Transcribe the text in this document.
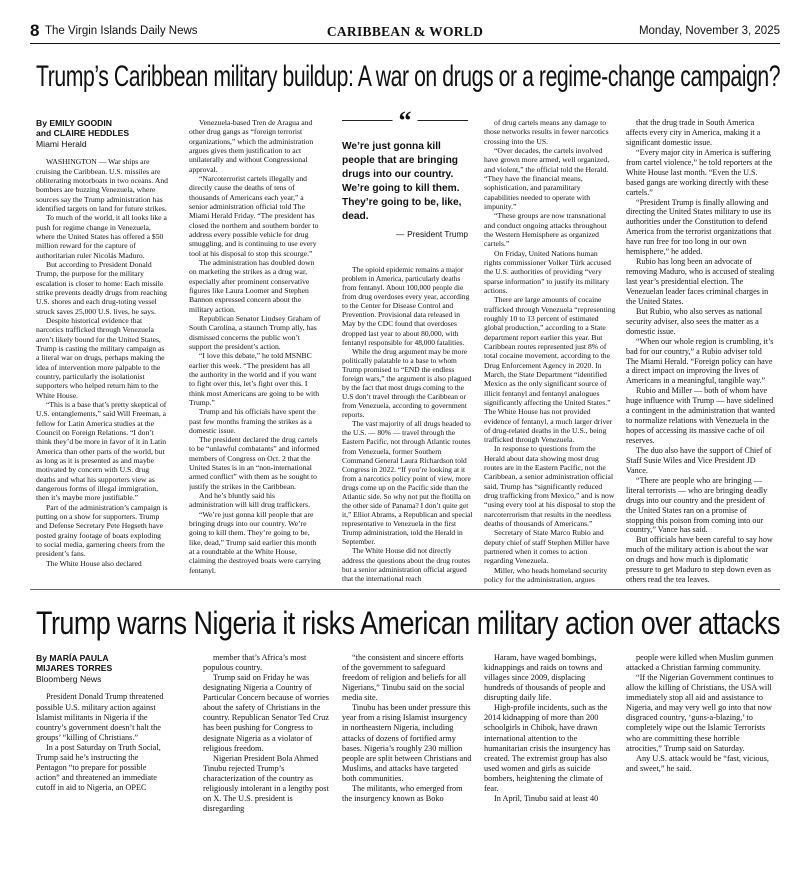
8 The Virgin Islands Daily News	CARIBBEAN & WORLD	Monday, November 3, 2025
Trump’s Caribbean military buildup: A war on drugs or a regime-change campaign?
By EMILY GOODIN
and CLAIRE HEDDLES
Miami Herald

WASHINGTON — War ships are cruising the Caribbean. U.S. missiles are obliterating motorboats in two oceans. And bombers are buzzing Venezuela, where sources say the Trump administration has identified targets on land for future strikes.

To much of the world, it all looks like a push for regime change in Venezuela, where the United States has offered a $50 million reward for the capture of authoritarian ruler Nicolás Maduro.

But according to President Donald Trump, the purpose for the military escalation is closer to home: Each missile strike prevents deadly drugs from reaching U.S. shores and each drug-toting vessel struck saves 25,000 U.S. lives, he says.

Despite historical evidence that narcotics trafficked through Venezuela aren’t likely bound for the United States, Trump is casting the military campaign as a literal war on drugs, perhaps making the idea of intervention more palpable to the country, particularly the isolationist supporters who helped return him to the White House.

“This is a base that’s pretty skeptical of U.S. entanglements,” said Will Freeman, a fellow for Latin America studies at the Council on Foreign Relations. “I don’t think they’d be more in favor of it in Latin America than other parts of the world, but as long as it is presented as and maybe motivated by concern with U.S. drug deaths and what his supporters view as dangerous forms of illegal immigration, then it’s maybe more justifiable.”

Part of the administration’s campaign is putting on a show for supporters. Trump and Defense Secretary Pete Hegseth have posted grainy footage of boats exploding to social media, garnering cheers from the president’s fans.

The White House also declared

Venezuela-based Tren de Aragua and other drug gangs as “foreign terrorist organizations,” which the administration argues gives them justification to act unilaterally and without Congressional approval.

“Narcoterrorist cartels illegally and directly cause the deaths of tens of thousands of Americans each year,” a senior administration official told The Miami Herald Friday. “The president has closed the northern and southern border to address every possible vehicle for drug smuggling, and is continuing to use every tool at his disposal to stop this scourge.”

The administration has doubled down on marketing the strikes as a drug war, especially after prominent conservative figures like Laura Loomer and Stephen Bannon expressed concern about the military action.

Republican Senator Lindsey Graham of South Carolina, a staunch Trump ally, has dismissed concerns the public won’t support the president’s action.

“I love this debate,” he told MSNBC earlier this week. “The president has all the authority in the world and if you want to fight over this, let’s fight over this. I think most Americans are going to be with Trump.”

Trump and his officials have spent the past few months framing the strikes as a domestic issue.

The president declared the drug cartels to be “unlawful combatants” and informed members of Congress on Oct. 2 that the United States is in an “non-international armed conflict” with them as he sought to justify the strikes in the Caribbean.

And he’s bluntly said his administration will kill drug traffickers.

“We’re just gonna kill people that are bringing drugs into our country. We’re going to kill them. They’re going to be, like, dead,” Trump said earlier this month at a roundtable at the White House, claiming the destroyed boats were carrying fentanyl.

“
We’re just gonna kill people that are bringing drugs into our country. We’re going to kill them. They’re going to be, like, dead.
— President Trump

The opioid epidemic remains a major problem in America, particularly deaths from fentanyl. About 100,000 people die from drug overdoses every year, according to the Center for Disease Control and Prevention. Provisional data released in May by the CDC found that overdoses dropped last year to about 80,000, with fentanyl responsible for 48,000 fatalities.

While the drug argument may be more politically palatable to a base to whom Trump promised to “END the endless foreign wars,” the argument is also plagued by the fact that most drugs coming to the U.S don’t travel through the Caribbean or from Venezuela, according to government reports.

The vast majority of all drugs headed to the U.S. — 80% — travel through the Eastern Pacific, not through Atlantic routes from Venezuela, former Southern Command General Laura Richardson told Congress in 2022. “If you’re looking at it from a narcotics policy point of view, more drugs come up on the Pacific side than the Atlantic side. So why not put the flotilla on the other side of Panama? I don’t quite get it,” Elliot Abrams, a Republican and special representative to Venezuela in the first Trump administration, told the Herald in September.

The White House did not directly address the questions about the drug routes but a senior administration official argued that the international reach

of drug cartels means any damage to those networks results in fewer narcotics crossing into the US.

“Over decades, the cartels involved have grown more armed, well organized, and violent,” the official told the Herald. “They have the financial means, sophistication, and paramilitary capabilities needed to operate with impunity.”

“These groups are now transnational and conduct ongoing attacks throughout the Western Hemisphere as organized cartels.”

On Friday, United Nations human rights commissioner Volker Türk accused the U.S. authorities of providing “very sparse information” to justify its military actions.

There are large amounts of cocaine trafficked through Venezuela “representing roughly 10 to 13 percent of estimated global production,” according to a State department report earlier this year. But Caribbean routes represented just 8% of total cocaine movement, according to the Drug Enforcement Agency in 2020. In March, the State Department “identified Mexico as the only significant source of illicit fentanyl and fentanyl analogues significantly affecting the United States.” The White House has not provided evidence of fentanyl, a much larger driver of drug-related deaths in the U.S., being trafficked through Venezuela.

In response to questions from the Herald about data showing most drug routes are in the Eastern Pacific, not the Caribbean, a senior administration official said, Trump has “significantly reduced drug trafficking from Mexico,” and is now “using every tool at his disposal to stop the narcoterrorism that results in the needless deaths of thousands of Americans.”

Secretary of State Marco Rubio and deputy chief of staff Stephen Miller have partnered when it comes to action regarding Venezuela.

Miller, who heads homeland security policy for the administration, argues

that the drug trade in South America affects every city in America, making it a significant domestic issue.

“Every major city in America is suffering from cartel violence,” he told reporters at the White House last month. “Even the U.S. based gangs are working directly with these cartels.”

“President Trump is finally allowing and directing the United States military to use its authorities under the Constitution to defend America from the terrorist organizations that have run free for too long in our own hemisphere,” he added.

Rubio has long been an advocate of removing Maduro, who is accused of stealing last year’s presidential election. The Venezuelan leader faces criminal charges in the United States.

But Rubio, who also serves as national security adviser, also sees the matter as a domestic issue.

“When our whole region is crumbling, it’s bad for our country,” a Rubio adviser told The Miami Herald. “Foreign policy can have a direct impact on improving the lives of Americans in a meaningful, tangible way.”

Rubio and Miller — both of whom have huge influence with Trump — have sidelined a contingent in the administration that wanted to normalize relations with Venezuela in the hopes of accessing its massive cache of oil reserves.

The duo also have the support of Chief of Staff Susie Wiles and Vice President JD Vance.

“There are people who are bringing — literal terrorists — who are bringing deadly drugs into our country and the president of the United States ran on a promise of stopping this poison from coming into our country,” Vance has said.

But officials have been careful to say how much of the military action is about the war on drugs and how much is diplomatic pressure to get Maduro to step down even as others read the tea leaves.

Trump warns Nigeria it risks American military action over attacks
By MARÍA PAULA
MIJARES TORRES
Bloomberg News

President Donald Trump threatened possible U.S. military action against Islamist militants in Nigeria if the country’s government doesn’t halt the groups’ “killing of Christians.”

In a post Saturday on Truth Social, Trump said he’s instructing the Pentagon “to prepare for possible action” and threatened an immediate cutoff in aid to Nigeria, an OPEC

member that’s Africa’s most populous country.

Trump said on Friday he was designating Nigeria a Country of Particular Concern because of worries about the safety of Christians in the country. Republican Senator Ted Cruz has been pushing for Congress to designate Nigeria as a violator of religious freedom.

Nigerian President Bola Ahmed Tinubu rejected Trump’s characterization of the country as religiously intolerant in a lengthy post on X. The U.S. president is disregarding

“the consistent and sincere efforts of the government to safeguard freedom of religion and beliefs for all Nigerians,” Tinubu said on the social media site.

Tinubu has been under pressure this year from a rising Islamist insurgency in northeastern Nigeria, including attacks of dozens of fortified army bases. Nigeria’s roughly 230 million people are split between Christians and Muslims, and attacks have targeted both communities.

The militants, who emerged from the insurgency known as Boko

Haram, have waged bombings, kidnappings and raids on towns and villages since 2009, displacing hundreds of thousands of people and disrupting daily life.

High-profile incidents, such as the 2014 kidnapping of more than 200 schoolgirls in Chibok, have drawn international attention to the humanitarian crisis the insurgency has created. The extremist group has also used women and girls as suicide bombers, heightening the climate of fear.

In April, Tinubu said at least 40

people were killed when Muslim gunmen attacked a Christian farming community.

“If the Nigerian Government continues to allow the killing of Christians, the USA will immediately stop all aid and assistance to Nigeria, and may very well go into that now disgraced country, ‘guns-a-blazing,’ to completely wipe out the Islamic Terrorists who are committing these horrible atrocities,” Trump said on Saturday.

Any U.S. attack would be “fast, vicious, and sweet,” he said.
